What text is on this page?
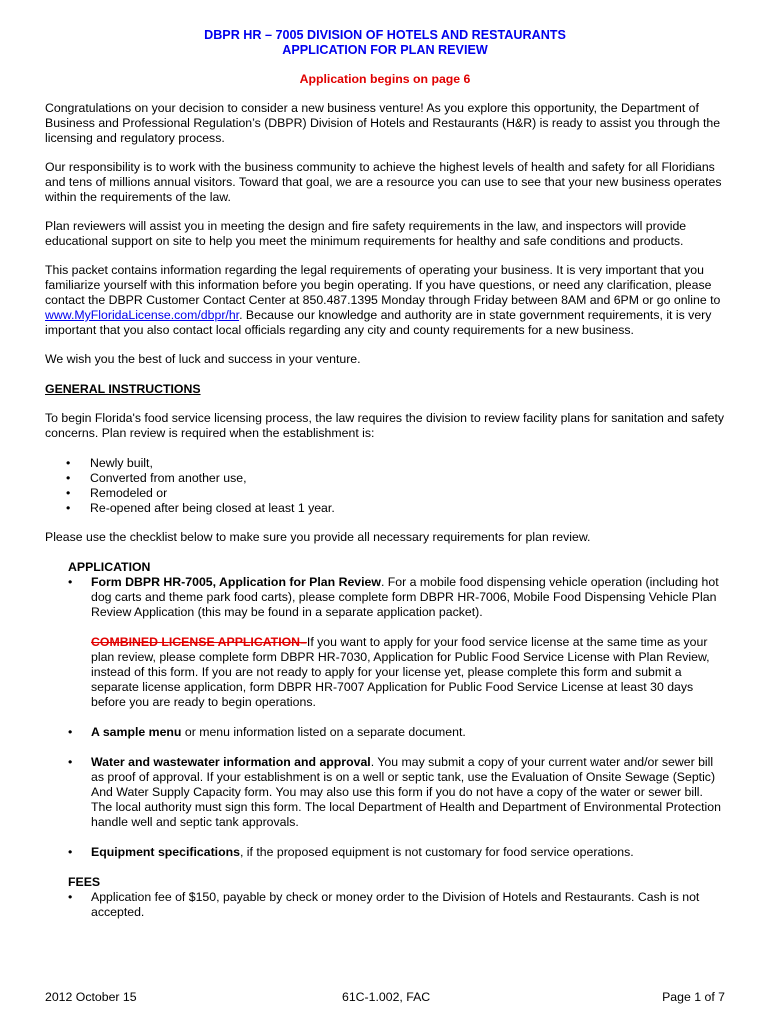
DBPR HR – 7005 DIVISION OF HOTELS AND RESTAURANTS
APPLICATION FOR PLAN REVIEW
Application begins on page 6

Congratulations on your decision to consider a new business venture! As you explore this opportunity, the Department of Business and Professional Regulation’s (DBPR) Division of Hotels and Restaurants (H&R) is ready to assist you through the licensing and regulatory process.

Our responsibility is to work with the business community to achieve the highest levels of health and safety for all Floridians and tens of millions annual visitors. Toward that goal, we are a resource you can use to see that your new business operates within the requirements of the law.

Plan reviewers will assist you in meeting the design and fire safety requirements in the law, and inspectors will provide educational support on site to help you meet the minimum requirements for healthy and safe conditions and products.

This packet contains information regarding the legal requirements of operating your business. It is very important that you familiarize yourself with this information before you begin operating. If you have questions, or need any clarification, please contact the DBPR Customer Contact Center at 850.487.1395 Monday through Friday between 8AM and 6PM or go online to www.MyFloridaLicense.com/dbpr/hr. Because our knowledge and authority are in state government requirements, it is very important that you also contact local officials regarding any city and county requirements for a new business.

We wish you the best of luck and success in your venture.

GENERAL INSTRUCTIONS

To begin Florida's food service licensing process, the law requires the division to review facility plans for sanitation and safety concerns. Plan review is required when the establishment is:

• Newly built,
• Converted from another use,
• Remodeled or
• Re-opened after being closed at least 1 year.

Please use the checklist below to make sure you provide all necessary requirements for plan review.

APPLICATION
• Form DBPR HR-7005, Application for Plan Review. For a mobile food dispensing vehicle operation (including hot dog carts and theme park food carts), please complete form DBPR HR-7006, Mobile Food Dispensing Vehicle Plan Review Application (this may be found in a separate application packet).
COMBINED LICENSE APPLICATION–If you want to apply for your food service license at the same time as your plan review, please complete form DBPR HR-7030, Application for Public Food Service License with Plan Review, instead of this form. If you are not ready to apply for your license yet, please complete this form and submit a separate license application, form DBPR HR-7007 Application for Public Food Service License at least 30 days before you are ready to begin operations.
• A sample menu or menu information listed on a separate document.
• Water and wastewater information and approval. You may submit a copy of your current water and/or sewer bill as proof of approval. If your establishment is on a well or septic tank, use the Evaluation of Onsite Sewage (Septic) And Water Supply Capacity form. You may also use this form if you do not have a copy of the water or sewer bill. The local authority must sign this form. The local Department of Health and Department of Environmental Protection handle well and septic tank approvals.
• Equipment specifications, if the proposed equipment is not customary for food service operations.
FEES
• Application fee of $150, payable by check or money order to the Division of Hotels and Restaurants. Cash is not accepted.
2012 October 15	61C-1.002, FAC	Page 1 of 7
